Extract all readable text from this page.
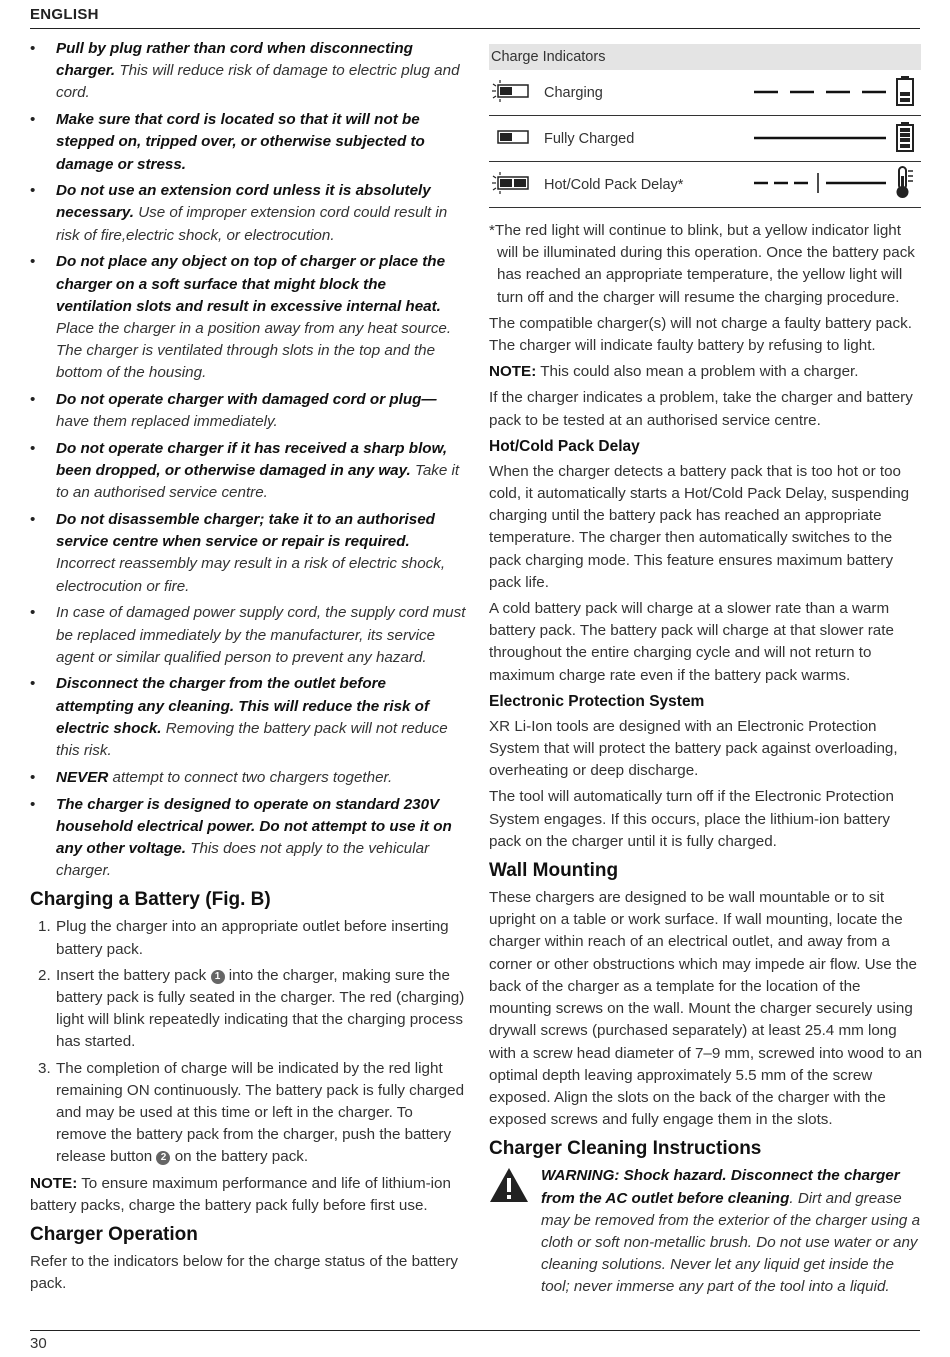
ENGLISH
• Pull by plug rather than cord when disconnecting charger. This will reduce risk of damage to electric plug and cord.
• Make sure that cord is located so that it will not be stepped on, tripped over, or otherwise subjected to damage or stress.
• Do not use an extension cord unless it is absolutely necessary. Use of improper extension cord could result in risk of fire,electric shock, or electrocution.
• Do not place any object on top of charger or place the charger on a soft surface that might block the ventilation slots and result in excessive internal heat. Place the charger in a position away from any heat source. The charger is ventilated through slots in the top and the bottom of the housing.
• Do not operate charger with damaged cord or plug— have them replaced immediately.
• Do not operate charger if it has received a sharp blow, been dropped, or otherwise damaged in any way. Take it to an authorised service centre.
• Do not disassemble charger; take it to an authorised service centre when service or repair is required. Incorrect reassembly may result in a risk of electric shock, electrocution or fire.
• In case of damaged power supply cord, the supply cord must be replaced immediately by the manufacturer, its service agent or similar qualified person to prevent any hazard.
• Disconnect the charger from the outlet before attempting any cleaning. This will reduce the risk of electric shock. Removing the battery pack will not reduce this risk.
• NEVER attempt to connect two chargers together.
• The charger is designed to operate on standard 230V household electrical power. Do not attempt to use it on any other voltage. This does not apply to the vehicular charger.
Charging a Battery (Fig. B)
1. Plug the charger into an appropriate outlet before inserting battery pack.
2. Insert the battery pack 1 into the charger, making sure the battery pack is fully seated in the charger. The red (charging) light will blink repeatedly indicating that the charging process has started.
3. The completion of charge will be indicated by the red light remaining ON continuously. The battery pack is fully charged and may be used at this time or left in the charger. To remove the battery pack from the charger, push the battery release button 2 on the battery pack.

NOTE: To ensure maximum performance and life of lithium-ion battery packs, charge the battery pack fully before first use.

Charger Operation

Refer to the indicators below for the charge status of the battery pack.

Charge Indicators			
	Charging		
	Fully Charged		
	Hot/Cold Pack Delay*		

*The red light will continue to blink, but a yellow indicator light will be illuminated during this operation. Once the battery pack has reached an appropriate temperature, the yellow light will turn off and the charger will resume the charging procedure.

The compatible charger(s) will not charge a faulty battery pack. The charger will indicate faulty battery by refusing to light.

NOTE: This could also mean a problem with a charger.

If the charger indicates a problem, take the charger and battery pack to be tested at an authorised service centre.

Hot/Cold Pack Delay

When the charger detects a battery pack that is too hot or too cold, it automatically starts a Hot/Cold Pack Delay, suspending charging until the battery pack has reached an appropriate temperature. The charger then automatically switches to the pack charging mode. This feature ensures maximum battery pack life.

A cold battery pack will charge at a slower rate than a warm battery pack. The battery pack will charge at that slower rate throughout the entire charging cycle and will not return to maximum charge rate even if the battery pack warms.

Electronic Protection System

XR Li-Ion tools are designed with an Electronic Protection System that will protect the battery pack against overloading, overheating or deep discharge.

The tool will automatically turn off if the Electronic Protection System engages. If this occurs, place the lithium-ion battery pack on the charger until it is fully charged.

Wall Mounting

These chargers are designed to be wall mountable or to sit upright on a table or work surface. If wall mounting, locate the charger within reach of an electrical outlet, and away from a corner or other obstructions which may impede air flow. Use the back of the charger as a template for the location of the mounting screws on the wall. Mount the charger securely using drywall screws (purchased separately) at least 25.4 mm long with a screw head diameter of 7–9 mm, screwed into wood to an optimal depth leaving approximately 5.5 mm of the screw exposed. Align the slots on the back of the charger with the exposed screws and fully engage them in the slots.

Charger Cleaning Instructions

WARNING: Shock hazard. Disconnect the charger from the AC outlet before cleaning. Dirt and grease may be removed from the exterior of the charger using a cloth or soft non-metallic brush. Do not use water or any cleaning solutions. Never let any liquid get inside the tool; never immerse any part of the tool into a liquid.

30
